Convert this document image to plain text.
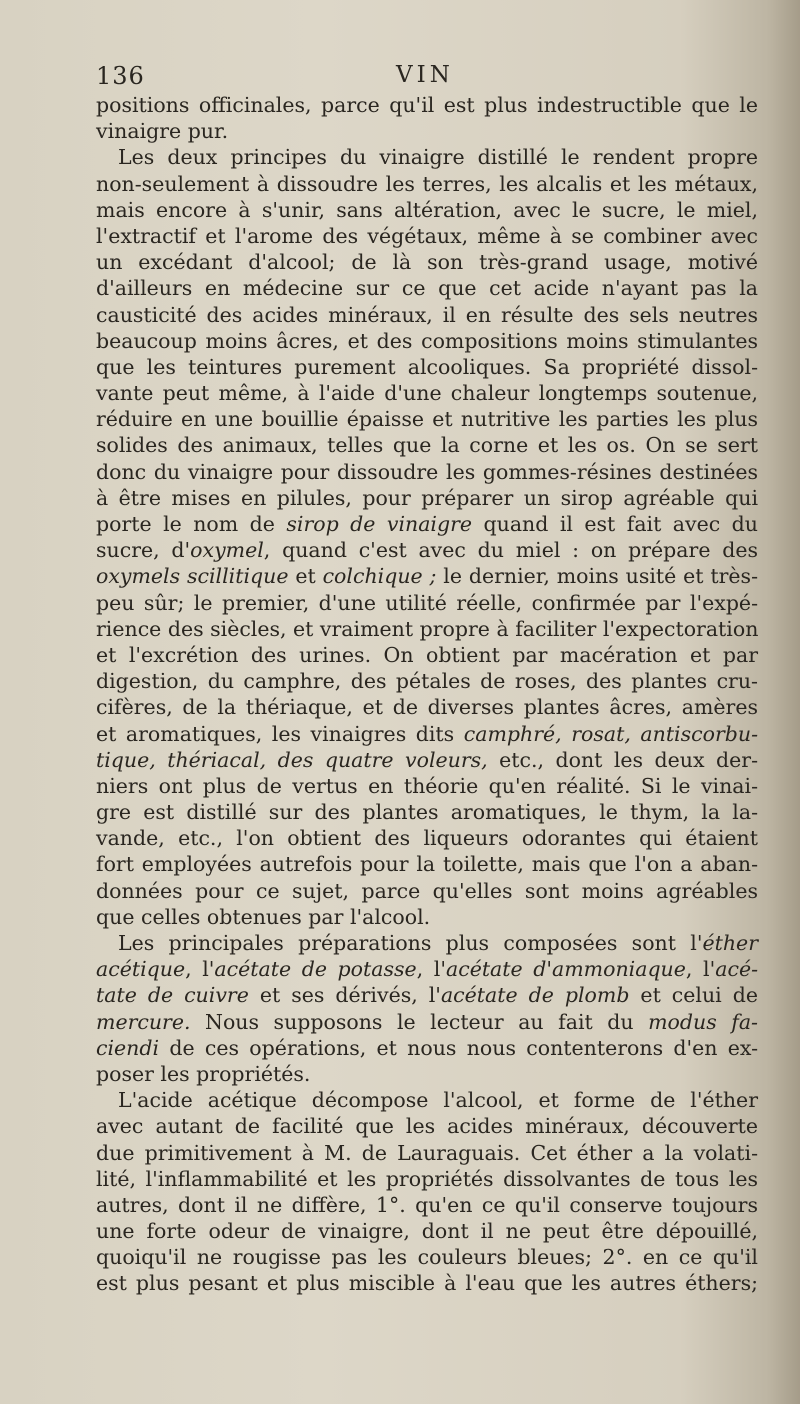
136	VIN
positions officinales, parce qu'il est plus indestructible que le
vinaigre pur.
Les deux principes du vinaigre distillé le rendent propre
non-seulement à dissoudre les terres, les alcalis et les métaux,
mais encore à s'unir, sans altération, avec le sucre, le miel,
l'extractif et l'arome des végétaux, même à se combiner avec
un excédant d'alcool; de là son très-grand usage, motivé
d'ailleurs en médecine sur ce que cet acide n'ayant pas la
causticité des acides minéraux, il en résulte des sels neutres
beaucoup moins âcres, et des compositions moins stimulantes
que les teintures purement alcooliques. Sa propriété dissol-
vante peut même, à l'aide d'une chaleur longtemps soutenue,
réduire en une bouillie épaisse et nutritive les parties les plus
solides des animaux, telles que la corne et les os. On se sert
donc du vinaigre pour dissoudre les gommes-résines destinées
à être mises en pilules, pour préparer un sirop agréable qui
porte le nom de sirop de vinaigre quand il est fait avec du
sucre, d'oxymel, quand c'est avec du miel : on prépare des
oxymels scillitique et colchique ; le dernier, moins usité et très-
peu sûr; le premier, d'une utilité réelle, confirmée par l'expé-
rience des siècles, et vraiment propre à faciliter l'expectoration
et l'excrétion des urines. On obtient par macération et par
digestion, du camphre, des pétales de roses, des plantes cru-
cifères, de la thériaque, et de diverses plantes âcres, amères
et aromatiques, les vinaigres dits camphré, rosat, antiscorbu-
tique, thériacal, des quatre voleurs, etc., dont les deux der-
niers ont plus de vertus en théorie qu'en réalité. Si le vinai-
gre est distillé sur des plantes aromatiques, le thym, la la-
vande, etc., l'on obtient des liqueurs odorantes qui étaient
fort employées autrefois pour la toilette, mais que l'on a aban-
données pour ce sujet, parce qu'elles sont moins agréables
que celles obtenues par l'alcool.
Les principales préparations plus composées sont l'éther
acétique, l'acétate de potasse, l'acétate d'ammoniaque, l'acé-
tate de cuivre et ses dérivés, l'acétate de plomb et celui de
mercure. Nous supposons le lecteur au fait du modus fa-
ciendi de ces opérations, et nous nous contenterons d'en ex-
poser les propriétés.
L'acide acétique décompose l'alcool, et forme de l'éther
avec autant de facilité que les acides minéraux, découverte
due primitivement à M. de Lauraguais. Cet éther a la volati-
lité, l'inflammabilité et les propriétés dissolvantes de tous les
autres, dont il ne diffère, 1°. qu'en ce qu'il conserve toujours
une forte odeur de vinaigre, dont il ne peut être dépouillé,
quoiqu'il ne rougisse pas les couleurs bleues; 2°. en ce qu'il
est plus pesant et plus miscible à l'eau que les autres éthers;
